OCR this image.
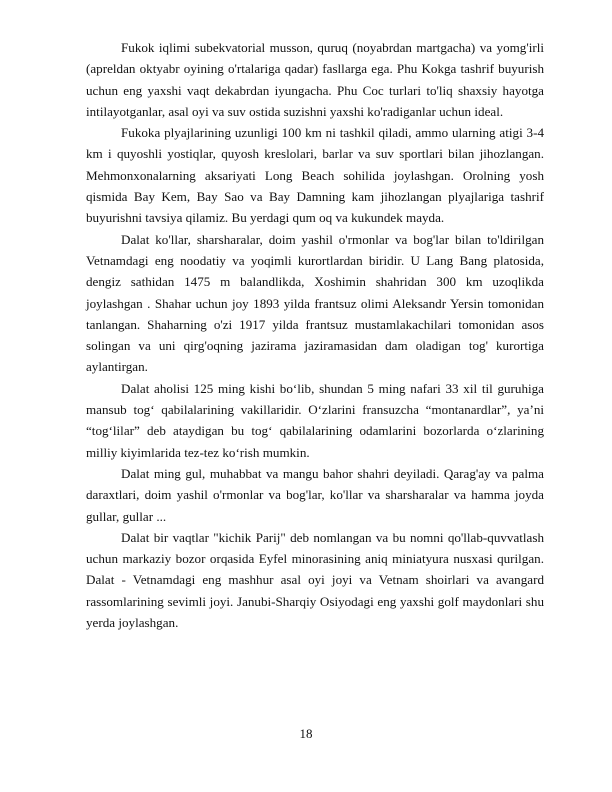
Fukok iqlimi subekvatorial musson, quruq (noyabrdan martgacha) va yomg'irli (apreldan oktyabr oyining o'rtalariga qadar) fasllarga ega. Phu Kokga tashrif buyurish uchun eng yaxshi vaqt dekabrdan iyungacha. Phu Coc turlari to'liq shaxsiy hayotga intilayotganlar, asal oyi va suv ostida suzishni yaxshi ko'radiganlar uchun ideal.

Fukoka plyajlarining uzunligi 100 km ni tashkil qiladi, ammo ularning atigi 3-4 km i quyoshli yostiqlar, quyosh kreslolari, barlar va suv sportlari bilan jihozlangan. Mehmonxonalarning aksariyati Long Beach sohilida joylashgan. Orolning yosh qismida Bay Kem, Bay Sao va Bay Damning kam jihozlangan plyajlariga tashrif buyurishni tavsiya qilamiz. Bu yerdagi qum oq va kukundek mayda.

Dalat ko'llar, sharsharalar, doim yashil o'rmonlar va bog'lar bilan to'ldirilgan Vetnamdagi eng noodatiy va yoqimli kurortlardan biridir. U Lang Bang platosida, dengiz sathidan 1475 m balandlikda, Xoshimin shahridan 300 km uzoqlikda joylashgan . Shahar uchun joy 1893 yilda frantsuz olimi Aleksandr Yersin tomonidan tanlangan. Shaharning o'zi 1917 yilda frantsuz mustamlakachilari tomonidan asos solingan va uni qirg'oqning jazirama jaziramasidan dam oladigan tog' kurortiga aylantirgan.

Dalat aholisi 125 ming kishi bo‘lib, shundan 5 ming nafari 33 xil til guruhiga mansub tog‘ qabilalarining vakillaridir. O‘zlarini fransuzcha “montanardlar”, ya’ni “tog‘lilar” deb ataydigan bu tog‘ qabilalarining odamlarini bozorlarda o‘zlarining milliy kiyimlarida tez-tez ko‘rish mumkin.

Dalat ming gul, muhabbat va mangu bahor shahri deyiladi. Qarag'ay va palma daraxtlari, doim yashil o'rmonlar va bog'lar, ko'llar va sharsharalar va hamma joyda gullar, gullar ...

Dalat bir vaqtlar "kichik Parij" deb nomlangan va bu nomni qo'llab-quvvatlash uchun markaziy bozor orqasida Eyfel minorasining aniq miniatyura nusxasi qurilgan. Dalat - Vetnamdagi eng mashhur asal oyi joyi va Vetnam shoirlari va avangard rassomlarining sevimli joyi. Janubi-Sharqiy Osiyodagi eng yaxshi golf maydonlari shu yerda joylashgan.

18
